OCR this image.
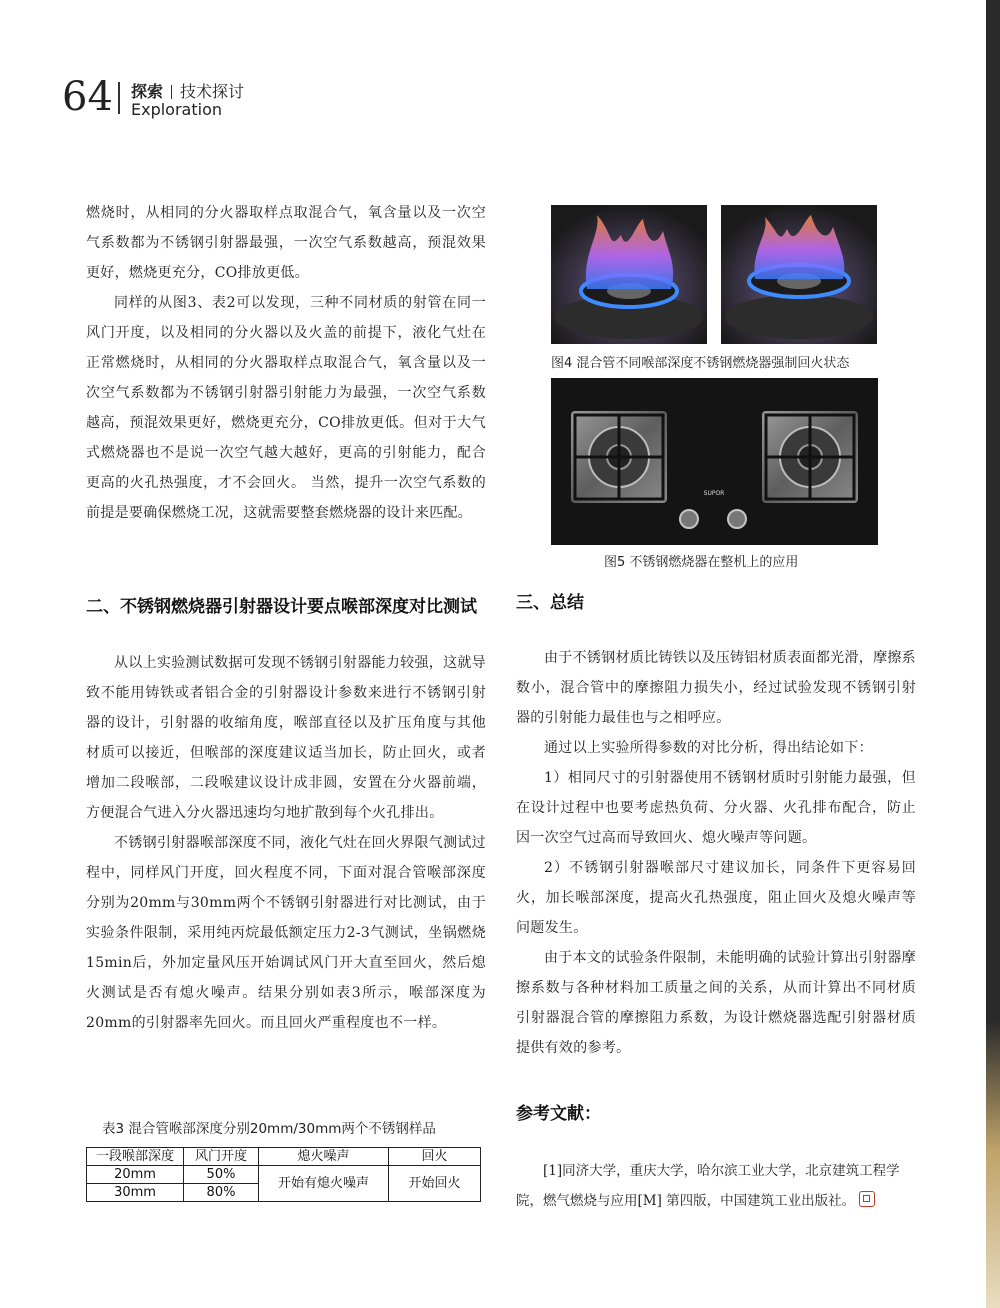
64 探索 技术探讨
Exploration

燃烧时，从相同的分火器取样点取混合气，氧含量以及一次空气系数都为不锈钢引射器最强，一次空气系数越高，预混效果更好，燃烧更充分，CO排放更低。

同样的从图3、表2可以发现，三种不同材质的射管在同一风门开度，以及相同的分火器以及火盖的前提下，液化气灶在正常燃烧时，从相同的分火器取样点取混合气，氧含量以及一次空气系数都为不锈钢引射器引射能力为最强，一次空气系数越高，预混效果更好，燃烧更充分，CO排放更低。但对于大气式燃烧器也不是说一次空气越大越好，更高的引射能力，配合更高的火孔热强度，才不会回火。 当然，提升一次空气系数的前提是要确保燃烧工况，这就需要整套燃烧器的设计来匹配。

二、不锈钢燃烧器引射器设计要点喉部深度对比测试

从以上实验测试数据可发现不锈钢引射器能力较强，这就导致不能用铸铁或者铝合金的引射器设计参数来进行不锈钢引射器的设计，引射器的收缩角度，喉部直径以及扩压角度与其他材质可以接近，但喉部的深度建议适当加长，防止回火，或者增加二段喉部，二段喉建议设计成非圆，安置在分火器前端，方便混合气进入分火器迅速均匀地扩散到每个火孔排出。

不锈钢引射器喉部深度不同，液化气灶在回火界限气测试过程中，同样风门开度，回火程度不同，下面对混合管喉部深度分别为20mm与30mm两个不锈钢引射器进行对比测试，由于实验条件限制，采用纯丙烷最低额定压力2-3气测试，坐锅燃烧15min后，外加定量风压开始调试风门开大直至回火，然后熄火测试是否有熄火噪声。结果分别如表3所示，喉部深度为20mm的引射器率先回火。而且回火严重程度也不一样。

表3 混合管喉部深度分别20mm/30mm两个不锈钢样品
一段喉部深度	风门开度	熄火噪声	回火
20mm	50%	开始有熄火噪声	开始回火
30mm	80%		
图4 混合管不同喉部深度不锈钢燃烧器强制回火状态
SUPOR
图5 不锈钢燃烧器在整机上的应用
三、总结

由于不锈钢材质比铸铁以及压铸铝材质表面都光滑，摩擦系数小，混合管中的摩擦阻力损失小，经过试验发现不锈钢引射器的引射能力最佳也与之相呼应。

通过以上实验所得参数的对比分析，得出结论如下：

1）相同尺寸的引射器使用不锈钢材质时引射能力最强，但在设计过程中也要考虑热负荷、分火器、火孔排布配合，防止因一次空气过高而导致回火、熄火噪声等问题。

2）不锈钢引射器喉部尺寸建议加长，同条件下更容易回火，加长喉部深度，提高火孔热强度，阻止回火及熄火噪声等问题发生。

由于本文的试验条件限制，未能明确的试验计算出引射器摩擦系数与各种材料加工质量之间的关系，从而计算出不同材质引射器混合管的摩擦阻力系数，为设计燃烧器选配引射器材质提供有效的参考。

参考文献：
[1]同济大学，重庆大学，哈尔滨工业大学，北京建筑工程学院，燃气燃烧与应用[M] 第四版，中国建筑工业出版社。
